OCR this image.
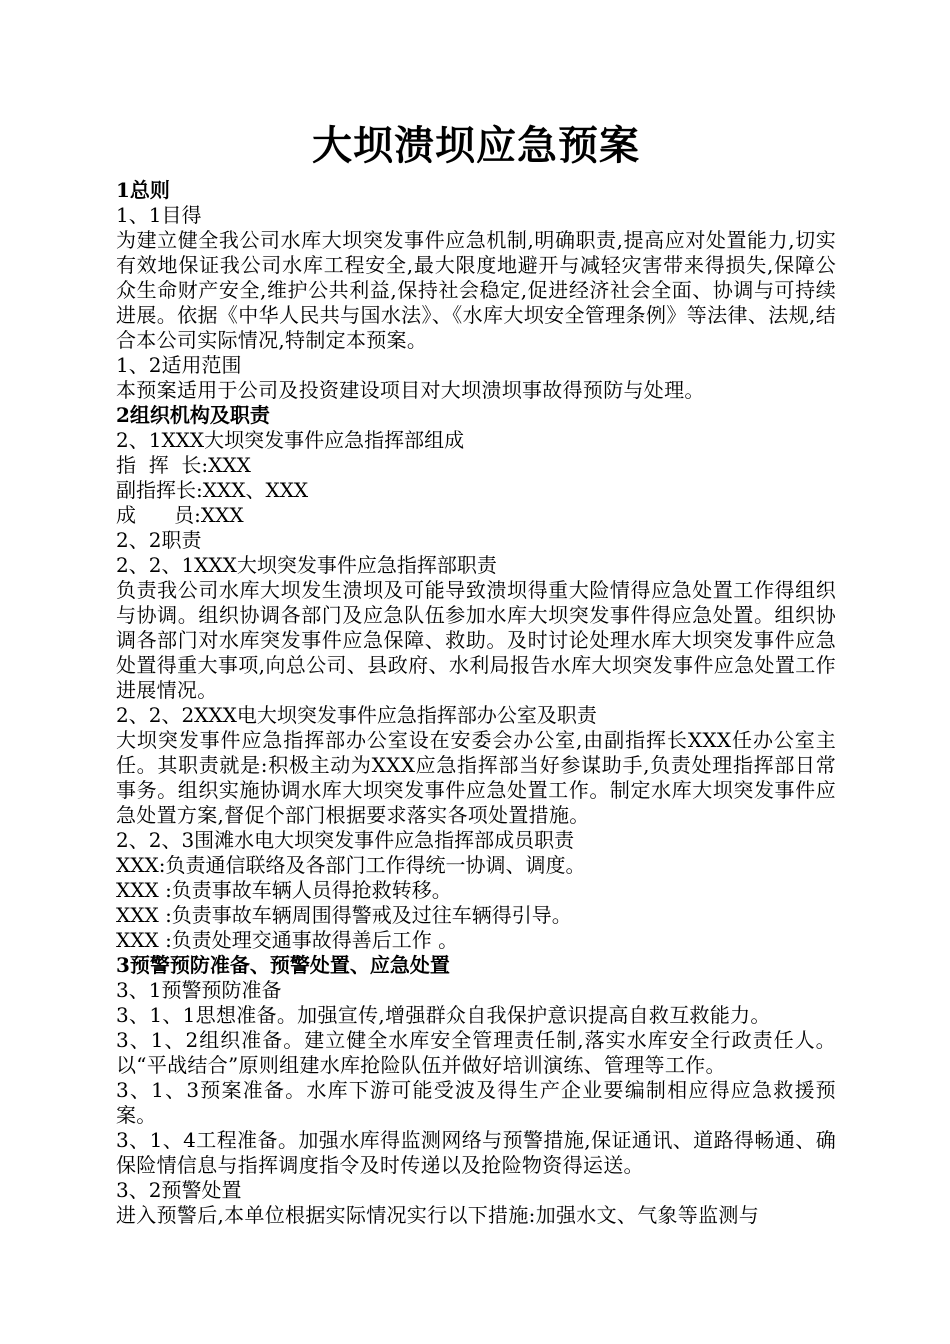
大坝溃坝应急预案
1总则
1、1目得
为建立健全我公司水库大坝突发事件应急机制,明确职责,提高应对处置能力,切实有效地保证我公司水库工程安全,最大限度地避开与减轻灾害带来得损失,保障公众生命财产安全,维护公共利益,保持社会稳定,促进经济社会全面、协调与可持续进展。依据《中华人民共与国水法》、《水库大坝安全管理条例》等法律、法规,结合本公司实际情况,特制定本预案。
1、2适用范围
本预案适用于公司及投资建设项目对大坝溃坝事故得预防与处理。
2组织机构及职责
2、1XXX大坝突发事件应急指挥部组成
指  挥  长:XXX
副指挥长:XXX、XXX
成      员:XXX
2、2职责
2、2、1XXX大坝突发事件应急指挥部职责
负责我公司水库大坝发生溃坝及可能导致溃坝得重大险情得应急处置工作得组织与协调。组织协调各部门及应急队伍参加水库大坝突发事件得应急处置。组织协调各部门对水库突发事件应急保障、救助。及时讨论处理水库大坝突发事件应急处置得重大事项,向总公司、县政府、水利局报告水库大坝突发事件应急处置工作进展情况。
2、2、2XXX电大坝突发事件应急指挥部办公室及职责
大坝突发事件应急指挥部办公室设在安委会办公室,由副指挥长XXX任办公室主任。其职责就是:积极主动为XXX应急指挥部当好参谋助手,负责处理指挥部日常事务。组织实施协调水库大坝突发事件应急处置工作。制定水库大坝突发事件应急处置方案,督促个部门根据要求落实各项处置措施。
2、2、3围滩水电大坝突发事件应急指挥部成员职责
XXX:负责通信联络及各部门工作得统一协调、调度。
XXX :负责事故车辆人员得抢救转移。
XXX :负责事故车辆周围得警戒及过往车辆得引导。
XXX :负责处理交通事故得善后工作 。
3预警预防准备、预警处置、应急处置
3、1预警预防准备
3、1、1思想准备。加强宣传,增强群众自我保护意识提高自救互救能力。
3、1、2组织准备。建立健全水库安全管理责任制,落实水库安全行政责任人。以“平战结合”原则组建水库抢险队伍并做好培训演练、管理等工作。
3、1、3预案准备。水库下游可能受波及得生产企业要编制相应得应急救援预案。
3、1、4工程准备。加强水库得监测网络与预警措施,保证通讯、道路得畅通、确保险情信息与指挥调度指令及时传递以及抢险物资得运送。
3、2预警处置
进入预警后,本单位根据实际情况实行以下措施:加强水文、气象等监测与
